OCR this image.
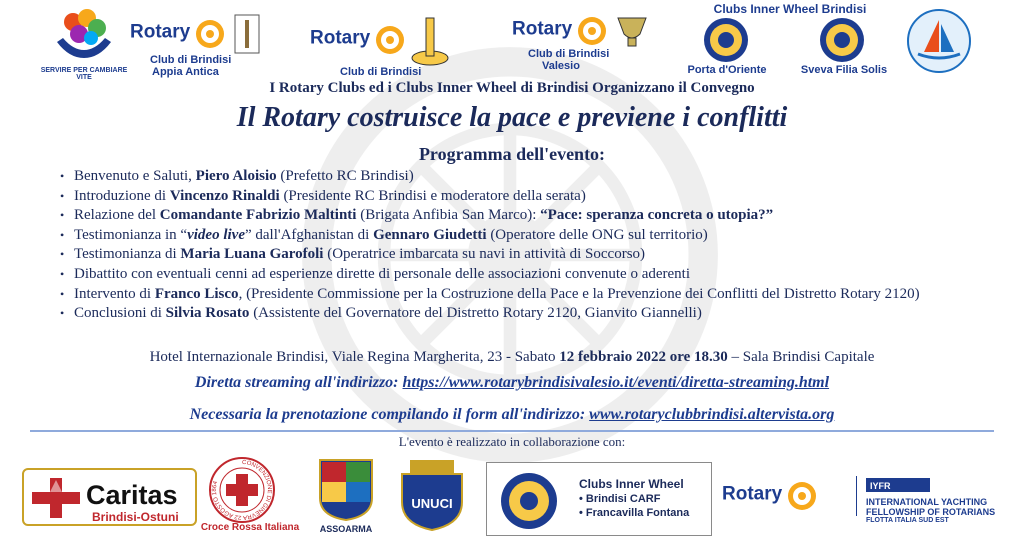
SERVIRE PER CAMBIARE VITE
Rotary
Club di Brindisi
Appia Antica
Rotary
Club di Brindisi
Rotary
Club di Brindisi
Valesio
Clubs Inner Wheel Brindisi
Porta d'Oriente	Sveva Filia Solis
I Rotary Clubs ed i Clubs Inner Wheel di Brindisi Organizzano il Convegno
Il Rotary costruisce la pace e previene i conflitti
Programma dell'evento:
• Benvenuto e Saluti, Piero Aloisio (Prefetto RC Brindisi)
• Introduzione di Vincenzo Rinaldi (Presidente RC Brindisi e moderatore della serata)
• Relazione del Comandante Fabrizio Maltinti (Brigata Anfibia San Marco): “Pace: speranza concreta o utopia?”
• Testimonianza in “video live” dall'Afghanistan di Gennaro Giudetti (Operatore delle ONG sul territorio)
• Testimonianza di Maria Luana Garofoli (Operatrice imbarcata su navi in attività di Soccorso)
• Dibattito con eventuali cenni ad esperienze dirette di personale delle associazioni convenute o aderenti
• Intervento di Franco Lisco, (Presidente Commissione per la Costruzione della Pace e la Prevenzione dei Conflitti del Distretto Rotary 2120)
• Conclusioni di Silvia Rosato (Assistente del Governatore del Distretto Rotary 2120, Gianvito Giannelli)
Hotel Internazionale Brindisi, Viale Regina Margherita, 23 - Sabato 12 febbraio 2022 ore 18.30 – Sala Brindisi Capitale
Diretta streaming all'indirizzo: https://www.rotarybrindisivalesio.it/eventi/diretta-streaming.html
Necessaria la prenotazione compilando il form all'indirizzo: www.rotaryclubbrindisi.altervista.org
L'evento è realizzato in collaborazione con:
Caritas
Brindisi-Ostuni
CONVENZIONE DI GINEVRA 22 AGOSTO 1864
Croce Rossa Italiana	ASSOARMA
UNUCI
Clubs Inner Wheel
• Brindisi CARF
• Francavilla Fontana
Rotary	IYFR
INTERNATIONAL YACHTING
FELLOWSHIP OF ROTARIANS
FLOTTA ITALIA SUD EST
